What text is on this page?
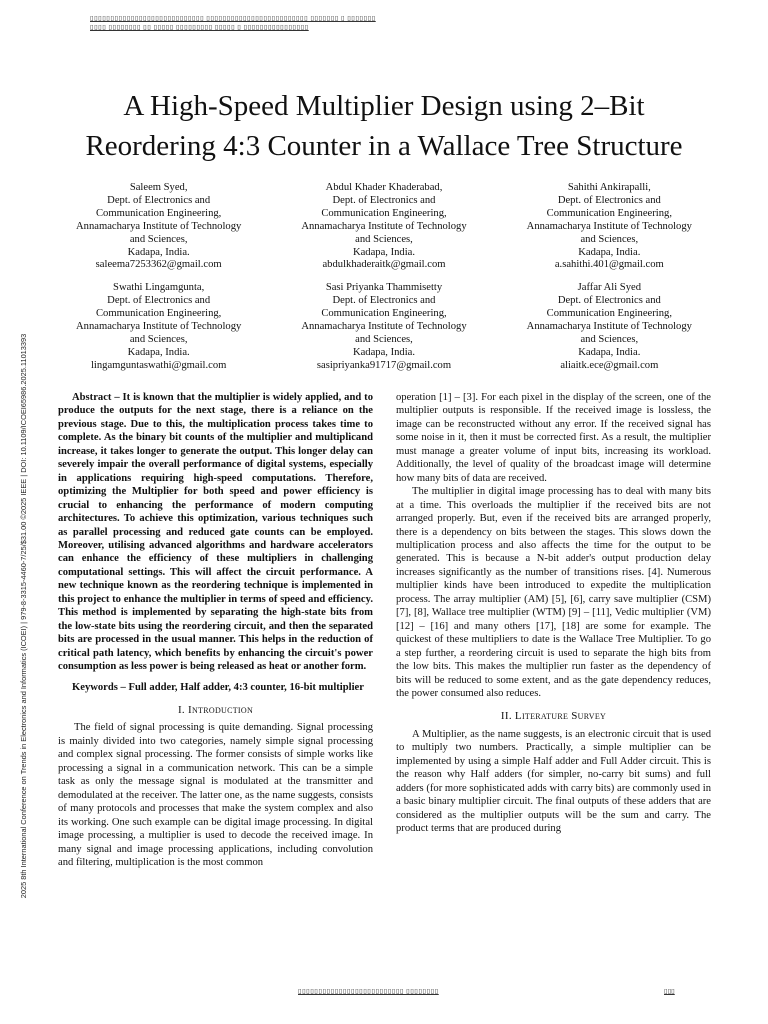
▯▯▯▯▯▯▯▯▯▯▯▯▯▯▯▯▯▯▯▯▯▯▯▯▯▯▯▯ ▯▯▯▯▯▯▯▯▯▯▯▯▯▯▯▯▯▯▯▯▯▯▯▯▯ ▯▯▯▯▯▯▯ ▯ ▯▯▯▯▯▯▯
▯▯▯▯ ▯▯▯▯▯▯▯▯ ▯▯ ▯▯▯▯▯ ▯▯▯▯▯▯▯▯▯ ▯▯▯▯▯ ▯ ▯▯▯▯▯▯▯▯▯▯▯▯▯▯▯▯
A High-Speed Multiplier Design using 2–Bit
Reordering 4:3 Counter in a Wallace Tree Structure
Saleem Syed,
Dept. of Electronics and
Communication Engineering,
Annamacharya Institute of Technology
and Sciences,
Kadapa, India.
saleema7253362@gmail.com
Abdul Khader Khaderabad,
Dept. of Electronics and
Communication Engineering,
Annamacharya Institute of Technology
and Sciences,
Kadapa, India.
abdulkhaderaitk@gmail.com
Sahithi Ankirapalli,
Dept. of Electronics and
Communication Engineering,
Annamacharya Institute of Technology
and Sciences,
Kadapa, India.
a.sahithi.401@gmail.com
Swathi Lingamgunta,
Dept. of Electronics and
Communication Engineering,
Annamacharya Institute of Technology
and Sciences,
Kadapa, India.
lingamguntaswathi@gmail.com
Sasi Priyanka Thammisetty
Dept. of Electronics and
Communication Engineering,
Annamacharya Institute of Technology
and Sciences,
Kadapa, India.
sasipriyanka91717@gmail.com
Jaffar Ali Syed
Dept. of Electronics and
Communication Engineering,
Annamacharya Institute of Technology
and Sciences,
Kadapa, India.
aliaitk.ece@gmail.com
2025 8th International Conference on Trends in Electronics and Informatics (ICOEI) | 979-8-3315-4460-7/25/$31.00 ©2025 IEEE | DOI: 10.1109/ICOEI65986.2025.11013393	Abstract – It is known that the multiplier is widely applied, and to produce the outputs for the next stage, there is a reliance on the previous stage. Due to this, the multiplication process takes time to complete. As the binary bit counts of the multiplier and multiplicand increase, it takes longer to generate the output. This longer delay can severely impair the overall performance of digital systems, especially in applications requiring high-speed computations. Therefore, optimizing the Multiplier for both speed and power efficiency is crucial to enhancing the performance of modern computing architectures. To achieve this optimization, various techniques such as parallel processing and reduced gate counts can be employed. Moreover, utilising advanced algorithms and hardware accelerators can enhance the efficiency of these multipliers in challenging computational settings. This will affect the circuit performance. A new technique known as the reordering technique is implemented in this project to enhance the multiplier in terms of speed and efficiency. This method is implemented by separating the high-state bits from the low-state bits using the reordering circuit, and then the separated bits are processed in the usual manner. This helps in the reduction of critical path latency, which benefits by enhancing the circuit's power consumption as less power is being released as heat or another form.

Keywords – Full adder, Half adder, 4:3 counter, 16-bit multiplier

I. Introduction

The field of signal processing is quite demanding. Signal processing is mainly divided into two categories, namely simple signal processing and complex signal processing. The former consists of simple works like processing a signal in a communication network. This can be a simple task as only the message signal is modulated at the transmitter and demodulated at the receiver. The latter one, as the name suggests, consists of many protocols and processes that make the system complex and also its working. One such example can be digital image processing. In digital image processing, a multiplier is used to decode the received image. In many signal and image processing applications, including convolution and filtering, multiplication is the most common

operation [1] – [3]. For each pixel in the display of the screen, one of the multiplier outputs is responsible. If the received image is lossless, the image can be reconstructed without any error. If the received signal has some noise in it, then it must be corrected first. As a result, the multiplier must manage a greater volume of input bits, increasing its workload. Additionally, the level of quality of the broadcast image will determine how many bits of data are received.

The multiplier in digital image processing has to deal with many bits at a time. This overloads the multiplier if the received bits are not arranged properly. But, even if the received bits are arranged properly, there is a dependency on bits between the stages. This slows down the multiplication process and also affects the time for the output to be generated. This is because a N-bit adder's output production delay increases significantly as the number of transitions rises. [4]. Numerous multiplier kinds have been introduced to expedite the multiplication process. The array multiplier (AM) [5], [6], carry save multiplier (CSM) [7], [8], Wallace tree multiplier (WTM) [9] – [11], Vedic multiplier (VM) [12] – [16] and many others [17], [18] are some for example. The quickest of these multipliers to date is the Wallace Tree Multiplier. To go a step further, a reordering circuit is used to separate the high bits from the low bits. This makes the multiplier run faster as the dependency of bits will be reduced to some extent, and as the gate dependency reduces, the power consumed also reduces.

II. Literature Survey

A Multiplier, as the name suggests, is an electronic circuit that is used to multiply two numbers. Practically, a simple multiplier can be implemented by using a simple Half adder and Full Adder circuit. This is the reason why Half adders (for simpler, no-carry bit sums) and full adders (for more sophisticated adds with carry bits) are commonly used in a basic binary multiplier circuit. The final outputs of these adders that are considered as the multiplier outputs will be the sum and carry. The product terms that are produced during

▯▯▯▯▯▯▯▯▯▯▯▯▯▯▯▯▯▯▯▯▯▯▯▯▯▯ ▯▯▯▯▯▯▯▯	▯▯▯
